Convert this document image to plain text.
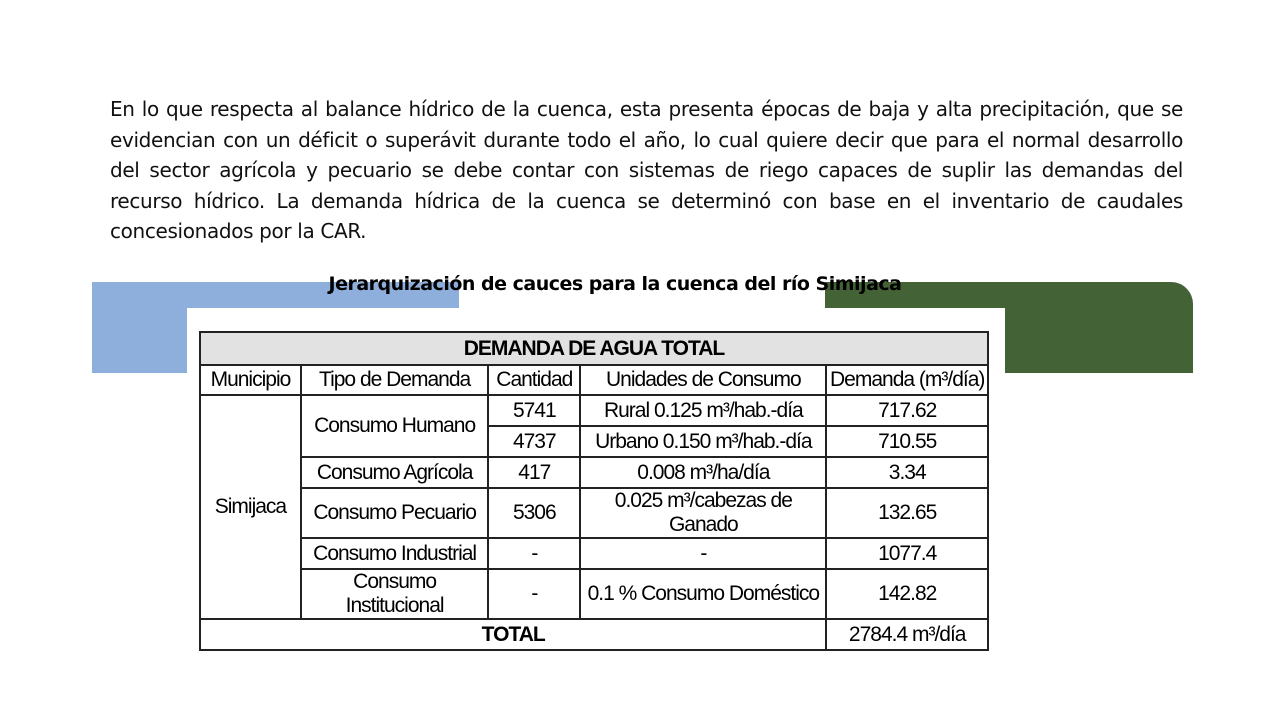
En lo que respecta al balance hídrico de la cuenca, esta presenta épocas de baja y alta precipitación, que se evidencian con un déficit o superávit durante todo el año, lo cual quiere decir que para el normal desarrollo del sector agrícola y pecuario se debe contar con sistemas de riego capaces de suplir las demandas del recurso hídrico. La demanda hídrica de la cuenca se determinó con base en el inventario de caudales concesionados por la CAR.
Jerarquización de cauces para la cuenca del río Simijaca
DEMANDA DE AGUA TOTAL				
Municipio	Tipo de Demanda	Cantidad	Unidades de Consumo	Demanda (m³/día)
Simijaca	Consumo Humano	5741	Rural 0.125 m³/hab.-día	717.62
		4737	Urbano 0.150 m³/hab.-día	710.55
	Consumo Agrícola	417	0.008 m³/ha/día	3.34
	Consumo Pecuario	5306	0.025 m³/cabezas de Ganado	132.65
	Consumo Industrial	-	-	1077.4
	Consumo Institucional	-	0.1 % Consumo Doméstico	142.82
TOTAL				2784.4 m³/día
